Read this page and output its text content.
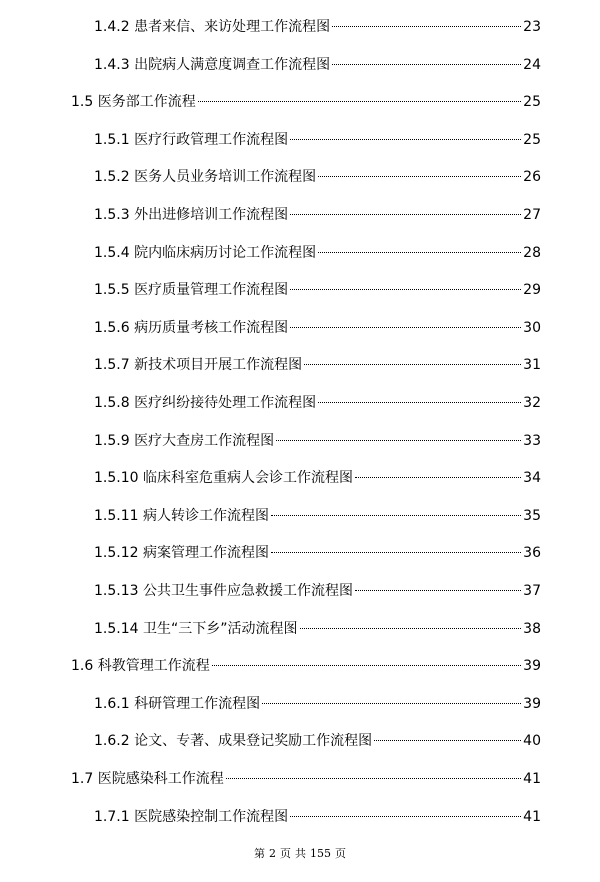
1.4.2 患者来信、来访处理工作流程图	23
1.4.3 出院病人满意度调查工作流程图	24
1.5 医务部工作流程	25
1.5.1 医疗行政管理工作流程图	25
1.5.2 医务人员业务培训工作流程图	26
1.5.3 外出进修培训工作流程图	27
1.5.4 院内临床病历讨论工作流程图	28
1.5.5 医疗质量管理工作流程图	29
1.5.6 病历质量考核工作流程图	30
1.5.7 新技术项目开展工作流程图	31
1.5.8 医疗纠纷接待处理工作流程图	32
1.5.9 医疗大查房工作流程图	33
1.5.10 临床科室危重病人会诊工作流程图	34
1.5.11 病人转诊工作流程图	35
1.5.12 病案管理工作流程图	36
1.5.13 公共卫生事件应急救援工作流程图	37
1.5.14 卫生“三下乡”活动流程图	38
1.6 科教管理工作流程	39
1.6.1 科研管理工作流程图	39
1.6.2 论文、专著、成果登记奖励工作流程图	40
1.7 医院感染科工作流程	41
1.7.1 医院感染控制工作流程图	41
第 2 页 共 155 页
